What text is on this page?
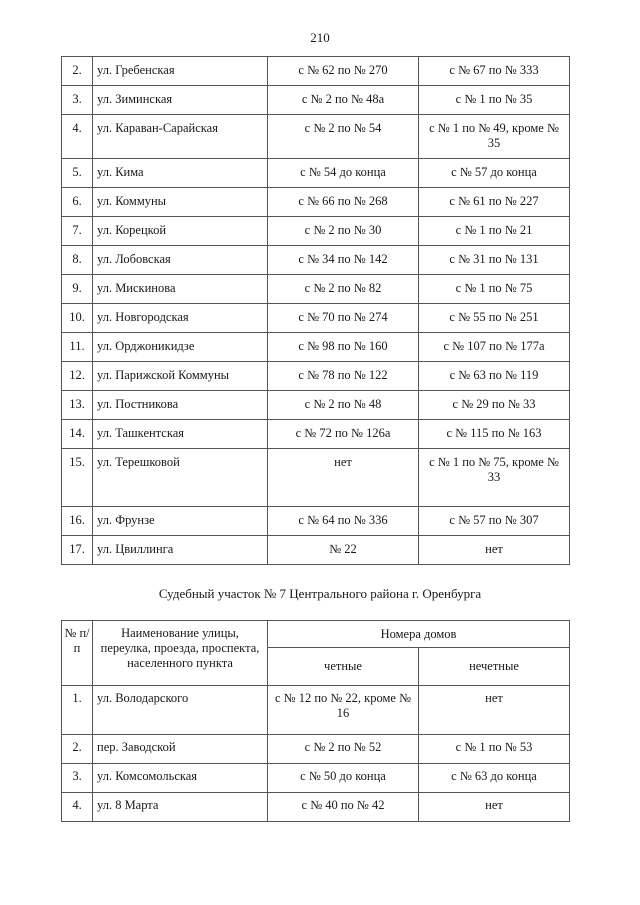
210
2.	ул. Гребенская	с № 62 по № 270	с № 67 по № 333
3.	ул. Зиминская	с № 2 по № 48а	с № 1 по № 35
4.	ул. Караван-Сарайская	с № 2 по № 54	с № 1 по № 49, кроме № 35
5.	ул. Кима	с № 54 до конца	с № 57 до конца
6.	ул. Коммуны	с № 66 по № 268	с № 61 по № 227
7.	ул. Корецкой	с № 2 по № 30	с № 1 по № 21
8.	ул. Лобовская	с № 34 по № 142	с № 31 по № 131
9.	ул. Мискинова	с № 2 по № 82	с № 1 по № 75
10.	ул. Новгородская	с № 70 по № 274	с № 55 по № 251
11.	ул. Орджоникидзе	с № 98 по № 160	с № 107 по № 177а
12.	ул. Парижской Коммуны	с № 78 по № 122	с № 63 по № 119
13.	ул. Постникова	с № 2 по № 48	с № 29 по № 33
14.	ул. Ташкентская	с № 72 по № 126а	с № 115 по № 163
15.	ул. Терешковой	нет	с № 1 по № 75, кроме № 33
16.	ул. Фрунзе	с № 64 по № 336	с № 57 по № 307
17.	ул. Цвиллинга	№ 22	нет
Судебный участок № 7 Центрального района г. Оренбурга
№ п/п	Наименование улицы, переулка, проезда, проспекта, населенного пункта	Номера домов	
		четные	нечетные
1.	ул. Володарского	с № 12 по № 22, кроме № 16	нет
2.	пер. Заводской	с № 2 по № 52	с № 1 по № 53
3.	ул. Комсомольская	с № 50 до конца	с № 63 до конца
4.	ул. 8 Марта	с № 40 по № 42	нет
